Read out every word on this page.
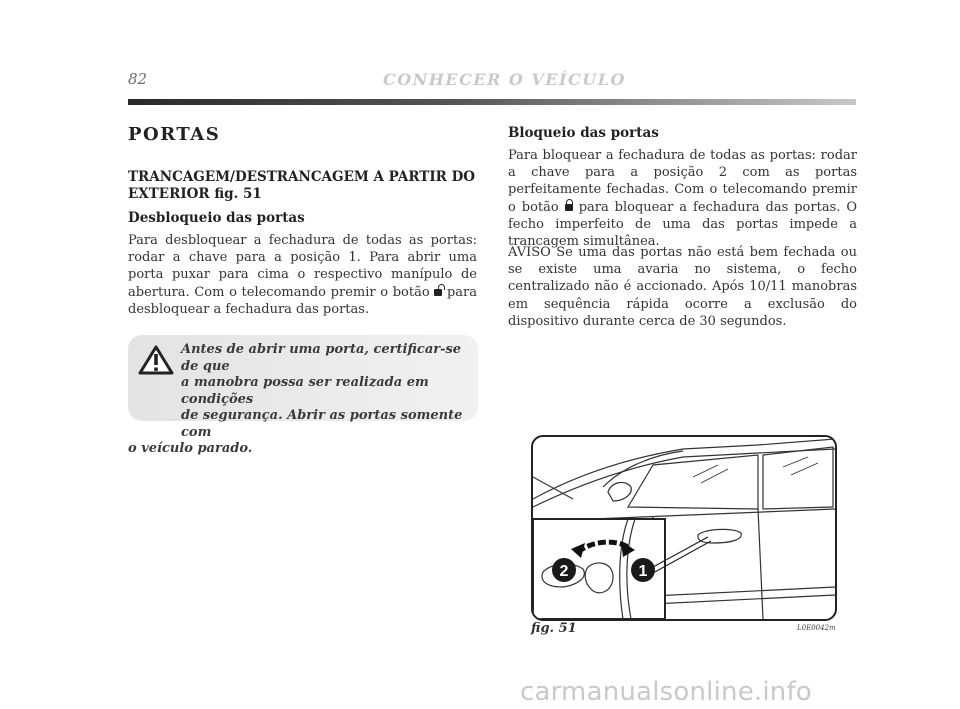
82	CONHECER O VEÍCULO
PORTAS
TRANCAGEM/DESTRANCAGEM A PARTIR DO
EXTERIOR fig. 51
Desbloqueio das portas
Para desbloquear a fechadura de todas as portas: rodar a chave para a posição 1. Para abrir uma porta puxar para cima o respectivo manípulo de abertura. Com o telecomando premir o botão para desbloquear a fechadura das portas.
Antes de abrir uma porta, certificar-se de que
a manobra possa ser realizada em condições
de segurança. Abrir as portas somente com
o veículo parado.
Bloqueio das portas
Para bloquear a fechadura de todas as portas: rodar a chave para a posição 2 com as portas perfeitamente fechadas. Com o telecomando premir o botão para bloquear a fechadura das portas. O fecho imperfeito de uma das portas impede a trancagem simultânea.
AVISO Se uma das portas não está bem fechada ou se existe uma avaria no sistema, o fecho centralizado não é accionado. Após 10/11 manobras em sequência rápida ocorre a exclusão do dispositivo durante cerca de 30 segundos.
2	1
fig. 51	L0E0042m
carmanualsonline.info
